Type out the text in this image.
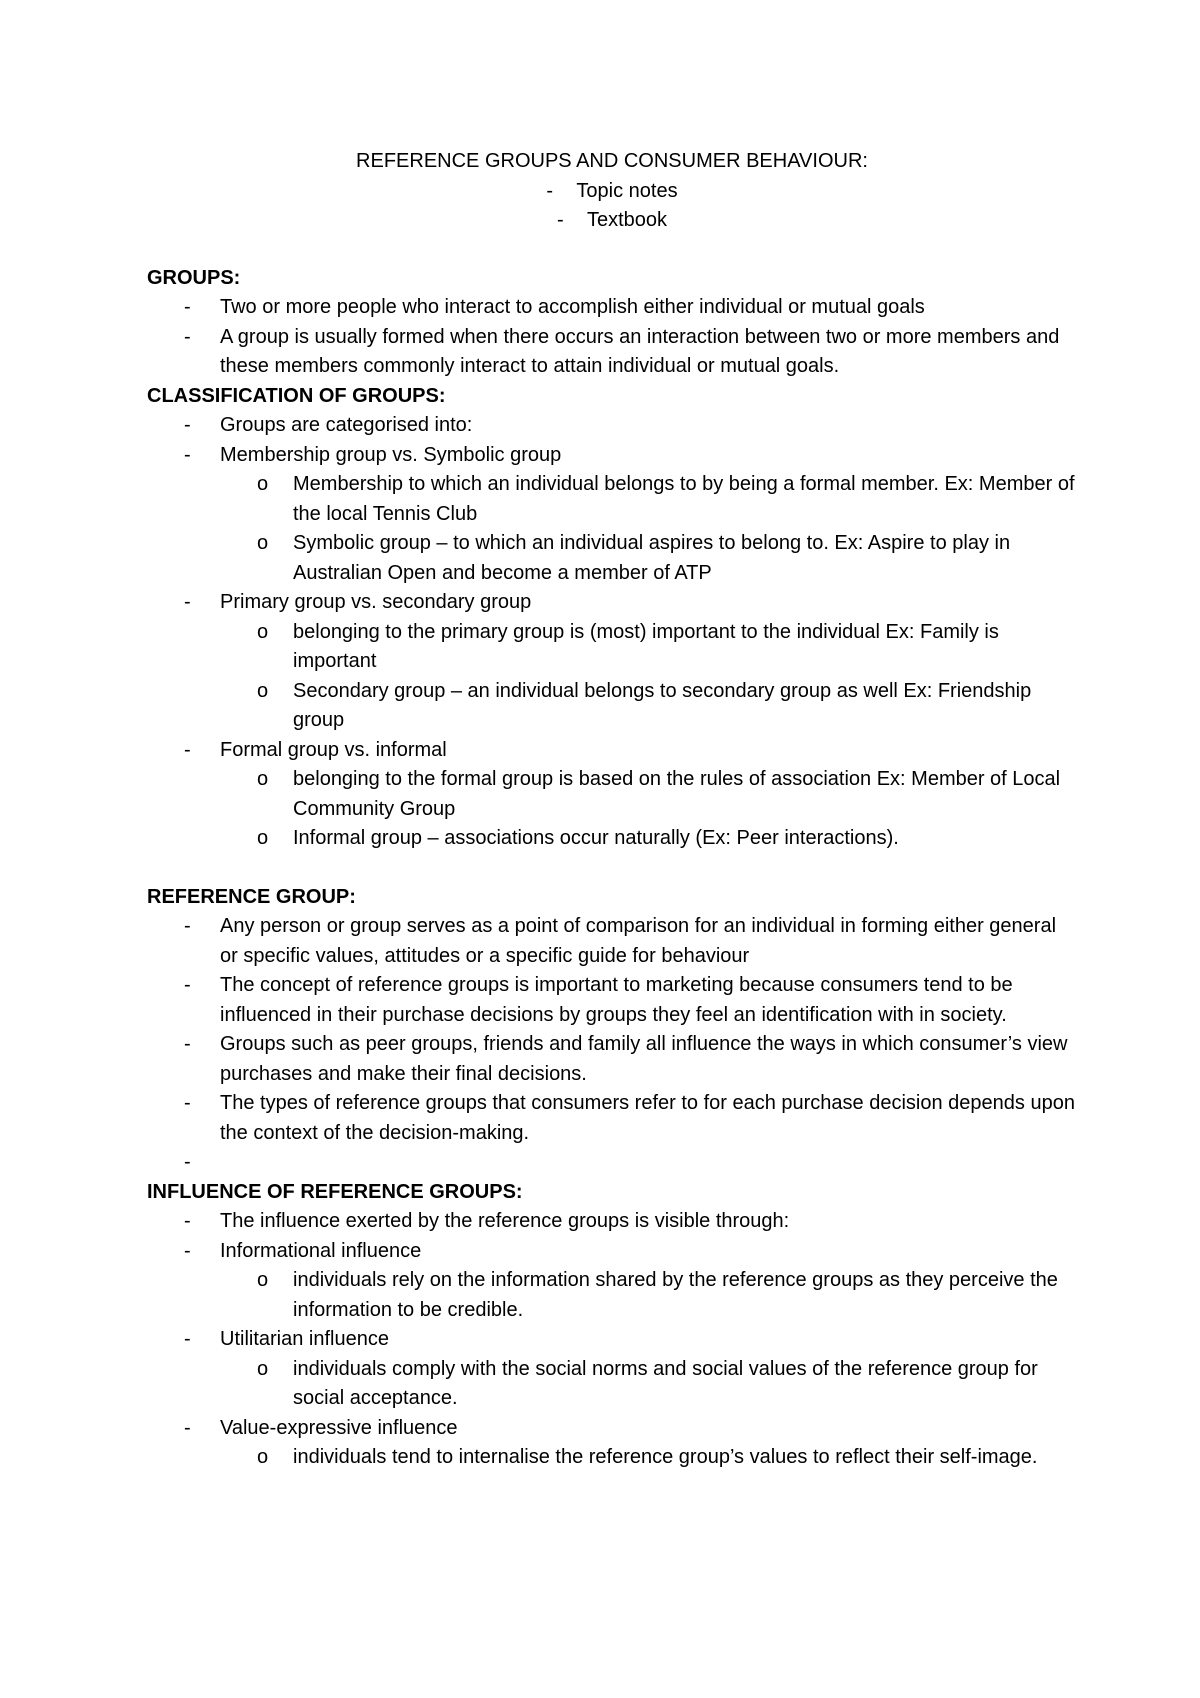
REFERENCE GROUPS AND CONSUMER BEHAVIOUR:
- Topic notes
- Textbook
GROUPS:
- Two or more people who interact to accomplish either individual or mutual goals
- A group is usually formed when there occurs an interaction between two or more members and these members commonly interact to attain individual or mutual goals.
CLASSIFICATION OF GROUPS:
- Groups are categorised into:
- Membership group vs. Symbolic group
o Membership to which an individual belongs to by being a formal member. Ex: Member of the local Tennis Club
o Symbolic group – to which an individual aspires to belong to. Ex: Aspire to play in Australian Open and become a member of ATP
- Primary group vs. secondary group
o belonging to the primary group is (most) important to the individual Ex: Family is important
o Secondary group – an individual belongs to secondary group as well Ex: Friendship group
- Formal group vs. informal
o belonging to the formal group is based on the rules of association Ex: Member of Local Community Group
o Informal group – associations occur naturally (Ex: Peer interactions).
REFERENCE GROUP:
- Any person or group serves as a point of comparison for an individual in forming either general or specific values, attitudes or a specific guide for behaviour
- The concept of reference groups is important to marketing because consumers tend to be influenced in their purchase decisions by groups they feel an identification with in society.
- Groups such as peer groups, friends and family all influence the ways in which consumer’s view purchases and make their final decisions.
- The types of reference groups that consumers refer to for each purchase decision depends upon the context of the decision-making.
-

INFLUENCE OF REFERENCE GROUPS:
- The influence exerted by the reference groups is visible through:
- Informational influence
o individuals rely on the information shared by the reference groups as they perceive the information to be credible.
- Utilitarian influence
o individuals comply with the social norms and social values of the reference group for social acceptance.
- Value-expressive influence
o individuals tend to internalise the reference group’s values to reflect their self-image.
